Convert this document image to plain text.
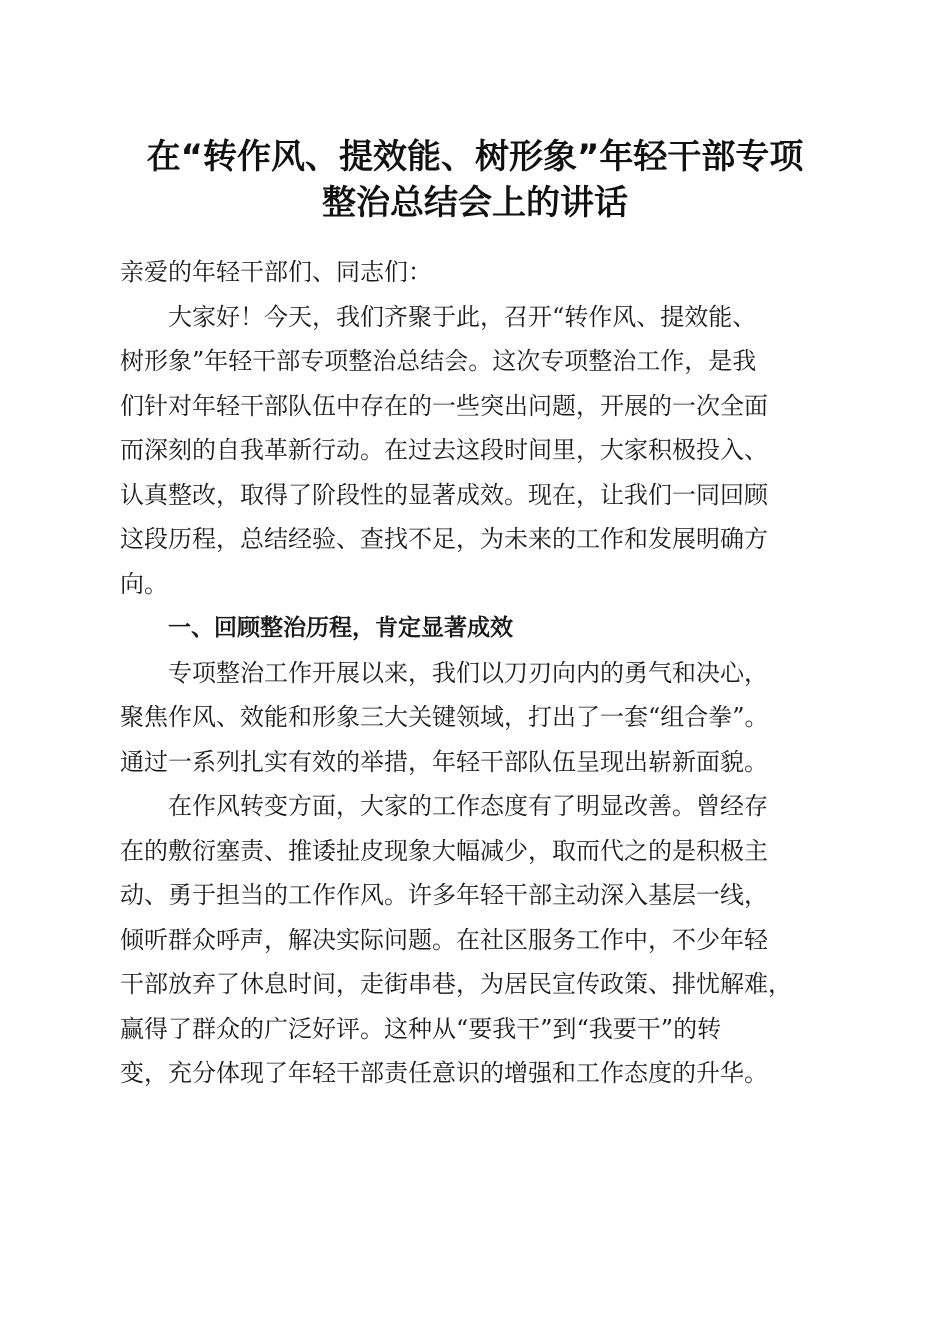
在“转作风、提效能、树形象”年轻干部专项
整治总结会上的讲话
亲爱的年轻干部们、同志们：
大家好！今天，我们齐聚于此，召开“转作风、提效能、
树形象”年轻干部专项整治总结会。这次专项整治工作，是我
们针对年轻干部队伍中存在的一些突出问题，开展的一次全面
而深刻的自我革新行动。在过去这段时间里，大家积极投入、
认真整改，取得了阶段性的显著成效。现在，让我们一同回顾
这段历程，总结经验、查找不足，为未来的工作和发展明确方
向。
一、回顾整治历程，肯定显著成效
专项整治工作开展以来，我们以刀刃向内的勇气和决心，
聚焦作风、效能和形象三大关键领域，打出了一套“组合拳”。
通过一系列扎实有效的举措，年轻干部队伍呈现出崭新面貌。
在作风转变方面，大家的工作态度有了明显改善。曾经存
在的敷衍塞责、推诿扯皮现象大幅减少，取而代之的是积极主
动、勇于担当的工作作风。许多年轻干部主动深入基层一线，
倾听群众呼声，解决实际问题。在社区服务工作中，不少年轻
干部放弃了休息时间，走街串巷，为居民宣传政策、排忧解难，
赢得了群众的广泛好评。这种从“要我干”到“我要干”的转
变，充分体现了年轻干部责任意识的增强和工作态度的升华。
